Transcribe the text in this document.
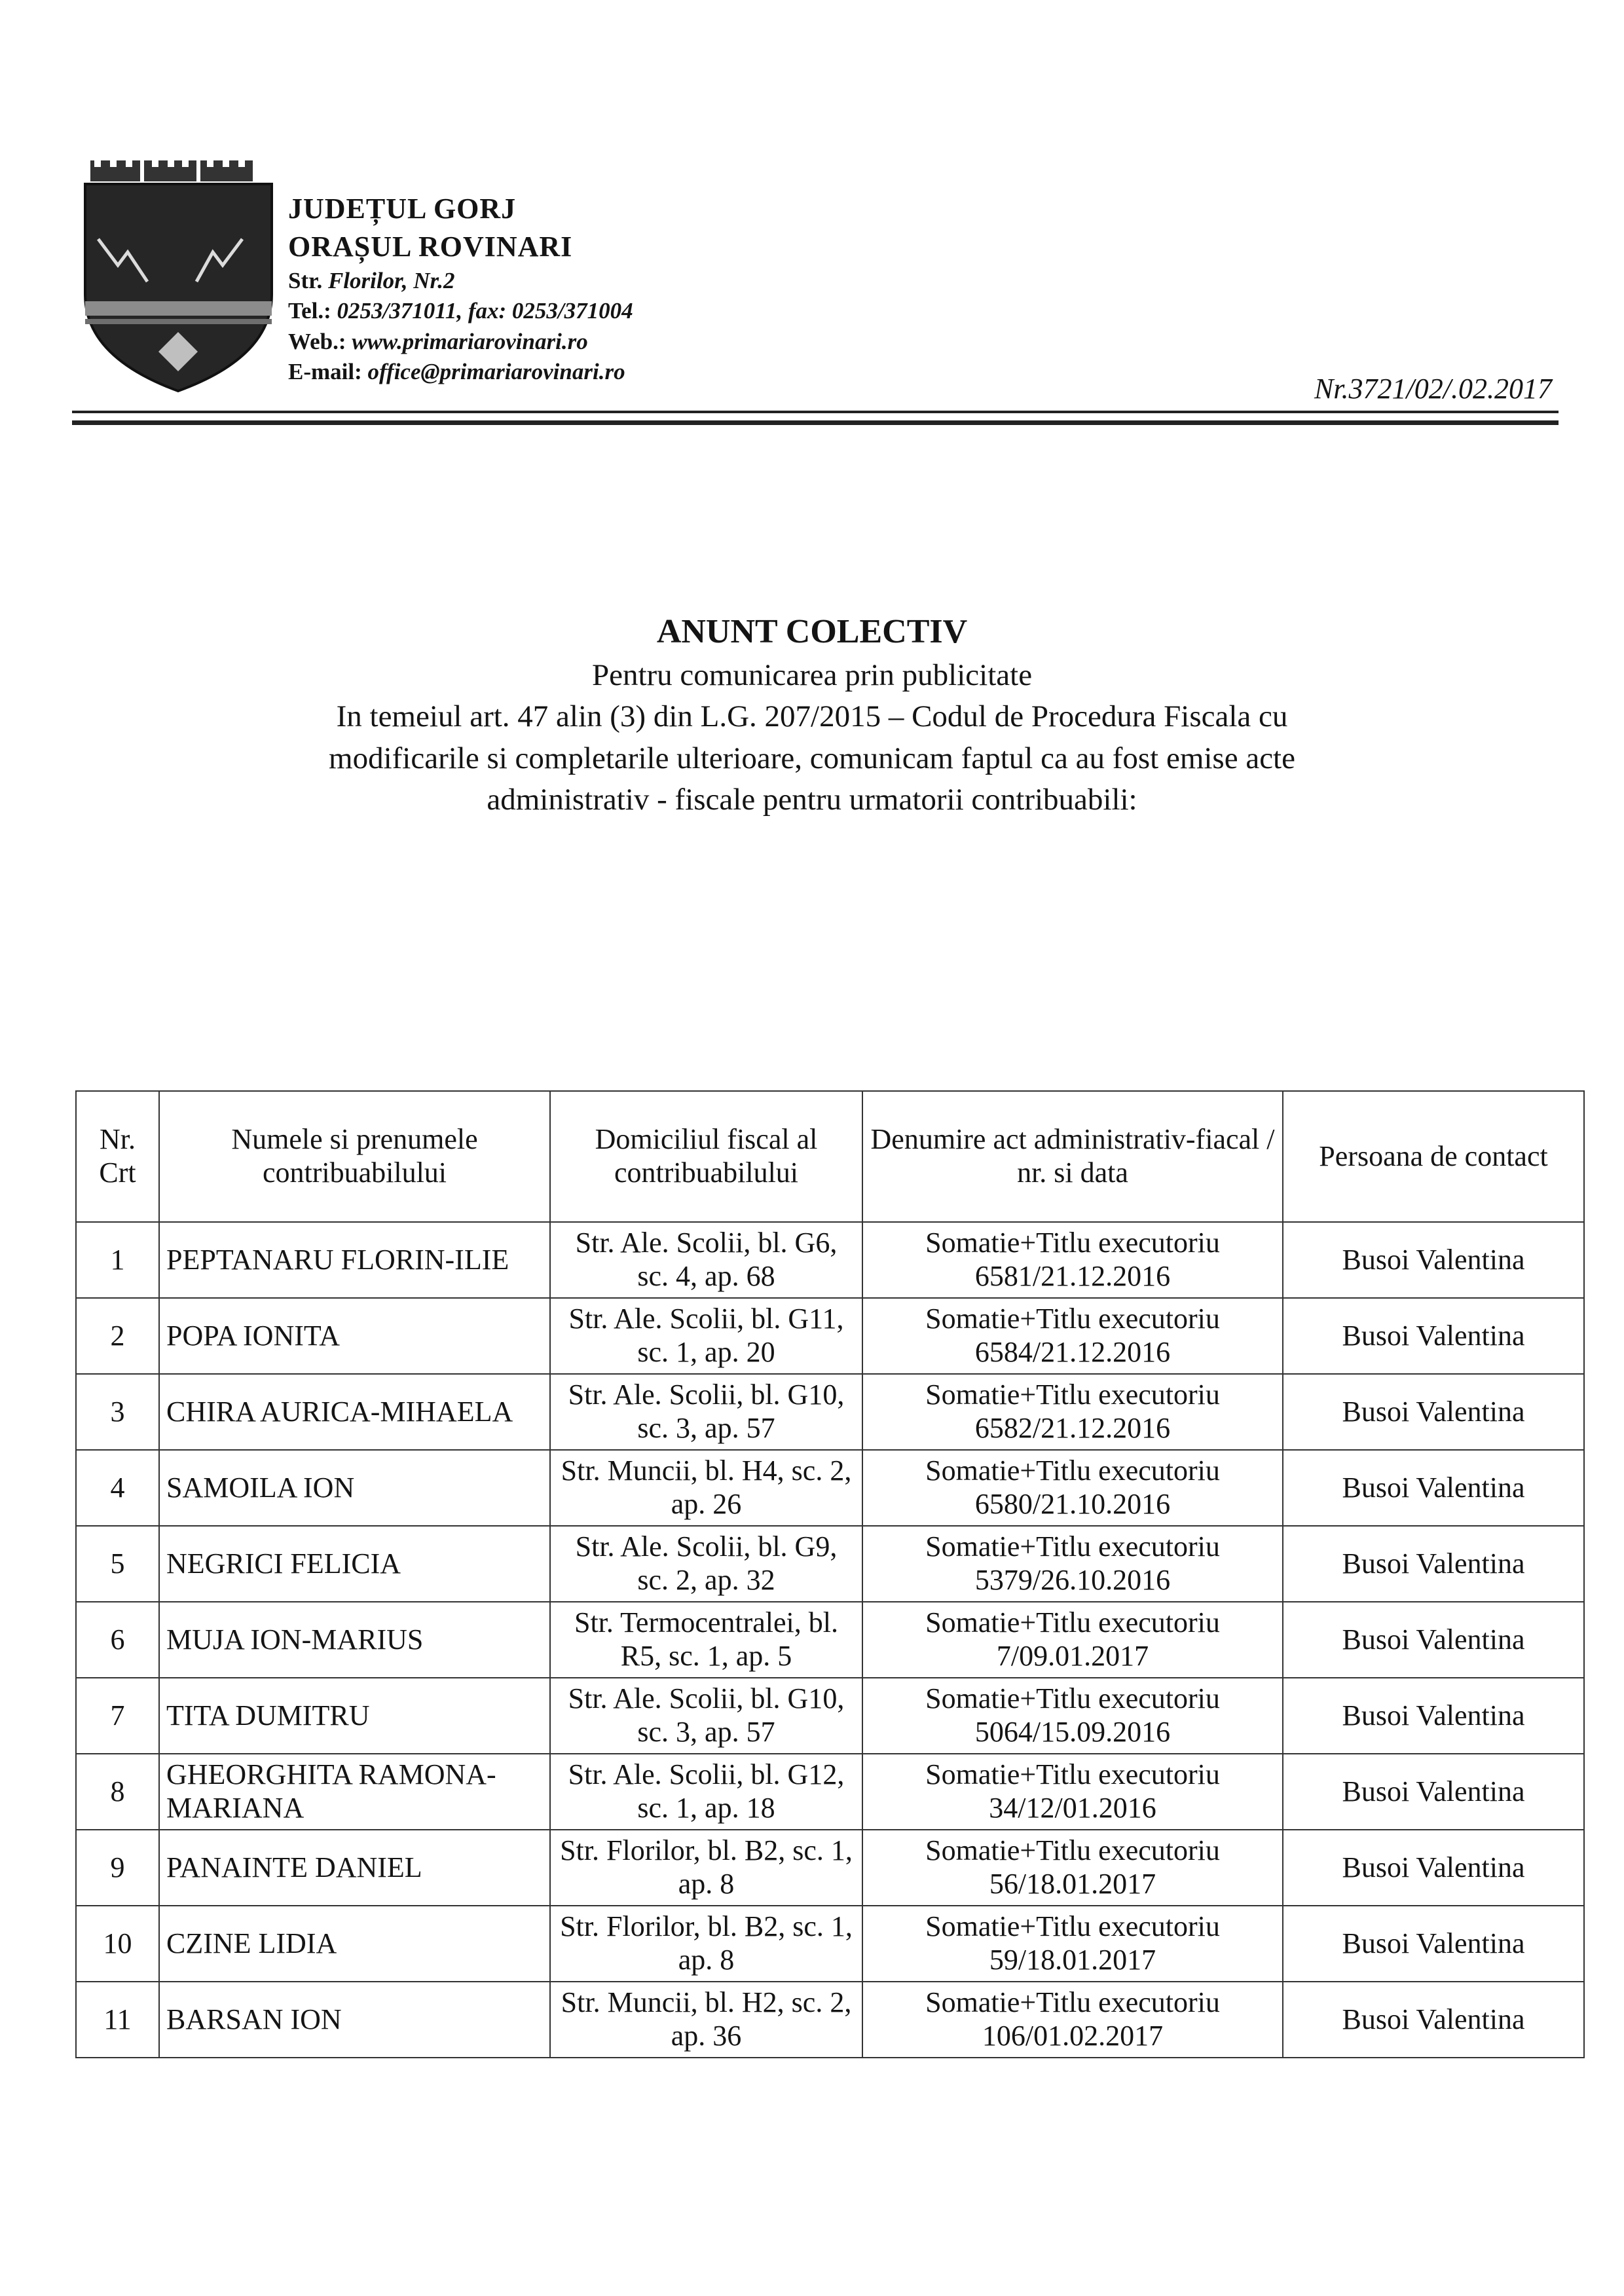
JUDEȚUL GORJ
ORAȘUL ROVINARI
Str. Florilor, Nr.2
Tel.: 0253/371011, fax: 0253/371004
Web.: www.primariarovinari.ro
E-mail: office@primariarovinari.ro
Nr.3721/02/.02.2017
ANUNT COLECTIV
Pentru comunicarea prin publicitate
In temeiul art. 47 alin (3) din L.G. 207/2015 – Codul de Procedura Fiscala cu
modificarile si completarile ulterioare, comunicam faptul ca au fost emise acte
administrativ - fiscale pentru urmatorii contribuabili:
Nr. Crt	Numele si prenumele contribuabilului	Domiciliul fiscal al contribuabilului	Denumire act administrativ-fiacal / nr. si data	Persoana de contact
1	PEPTANARU FLORIN-ILIE	Str. Ale. Scolii, bl. G6, sc. 4, ap. 68	Somatie+Titlu executoriu 6581/21.12.2016	Busoi Valentina
2	POPA IONITA	Str. Ale. Scolii, bl. G11, sc. 1, ap. 20	Somatie+Titlu executoriu 6584/21.12.2016	Busoi Valentina
3	CHIRA AURICA-MIHAELA	Str. Ale. Scolii, bl. G10, sc. 3, ap. 57	Somatie+Titlu executoriu 6582/21.12.2016	Busoi Valentina
4	SAMOILA ION	Str. Muncii, bl. H4, sc. 2, ap. 26	Somatie+Titlu executoriu 6580/21.10.2016	Busoi Valentina
5	NEGRICI FELICIA	Str. Ale. Scolii, bl. G9, sc. 2, ap. 32	Somatie+Titlu executoriu 5379/26.10.2016	Busoi Valentina
6	MUJA ION-MARIUS	Str. Termocentralei, bl. R5, sc. 1, ap. 5	Somatie+Titlu executoriu 7/09.01.2017	Busoi Valentina
7	TITA DUMITRU	Str. Ale. Scolii, bl. G10, sc. 3, ap. 57	Somatie+Titlu executoriu 5064/15.09.2016	Busoi Valentina
8	GHEORGHITA RAMONA-MARIANA	Str. Ale. Scolii, bl. G12, sc. 1, ap. 18	Somatie+Titlu executoriu 34/12/01.2016	Busoi Valentina
9	PANAINTE DANIEL	Str. Florilor, bl. B2, sc. 1, ap. 8	Somatie+Titlu executoriu 56/18.01.2017	Busoi Valentina
10	CZINE LIDIA	Str. Florilor, bl. B2, sc. 1, ap. 8	Somatie+Titlu executoriu 59/18.01.2017	Busoi Valentina
11	BARSAN ION	Str. Muncii, bl. H2, sc. 2, ap. 36	Somatie+Titlu executoriu 106/01.02.2017	Busoi Valentina
